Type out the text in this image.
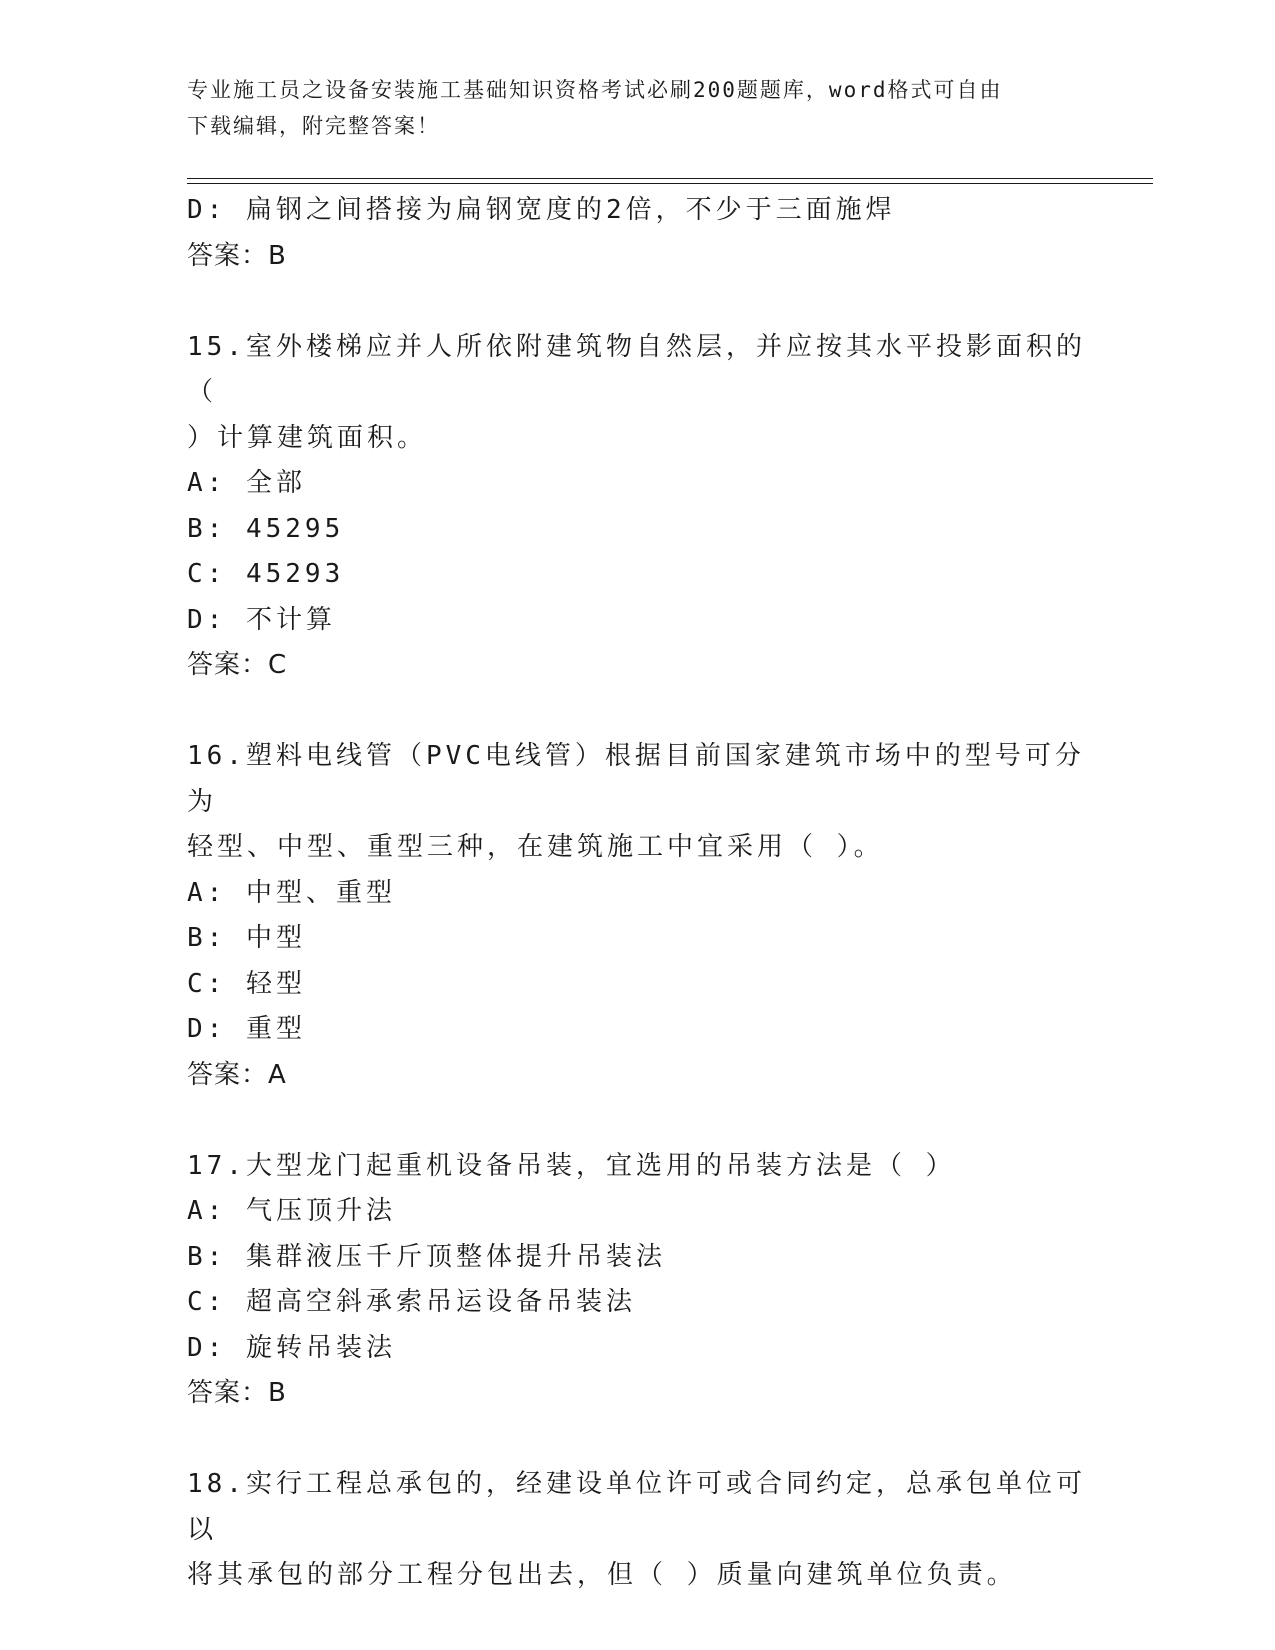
专业施工员之设备安装施工基础知识资格考试必刷200题题库，word格式可自由
下载编辑，附完整答案！
D: 扁钢之间搭接为扁钢宽度的2倍，不少于三面施焊
答案：B
15.室外楼梯应并人所依附建筑物自然层，并应按其水平投影面积的（
）计算建筑面积。
A: 全部
B: 45295
C: 45293
D: 不计算
答案：C
16.塑料电线管（PVC电线管）根据目前国家建筑市场中的型号可分为
轻型、中型、重型三种，在建筑施工中宜采用（ ）。
A: 中型、重型
B: 中型
C: 轻型
D: 重型
答案：A
17.大型龙门起重机设备吊装，宜选用的吊装方法是（ ）
A: 气压顶升法
B: 集群液压千斤顶整体提升吊装法
C: 超高空斜承索吊运设备吊装法
D: 旋转吊装法
答案：B
18.实行工程总承包的，经建设单位许可或合同约定，总承包单位可以
将其承包的部分工程分包出去，但（ ）质量向建筑单位负责。
